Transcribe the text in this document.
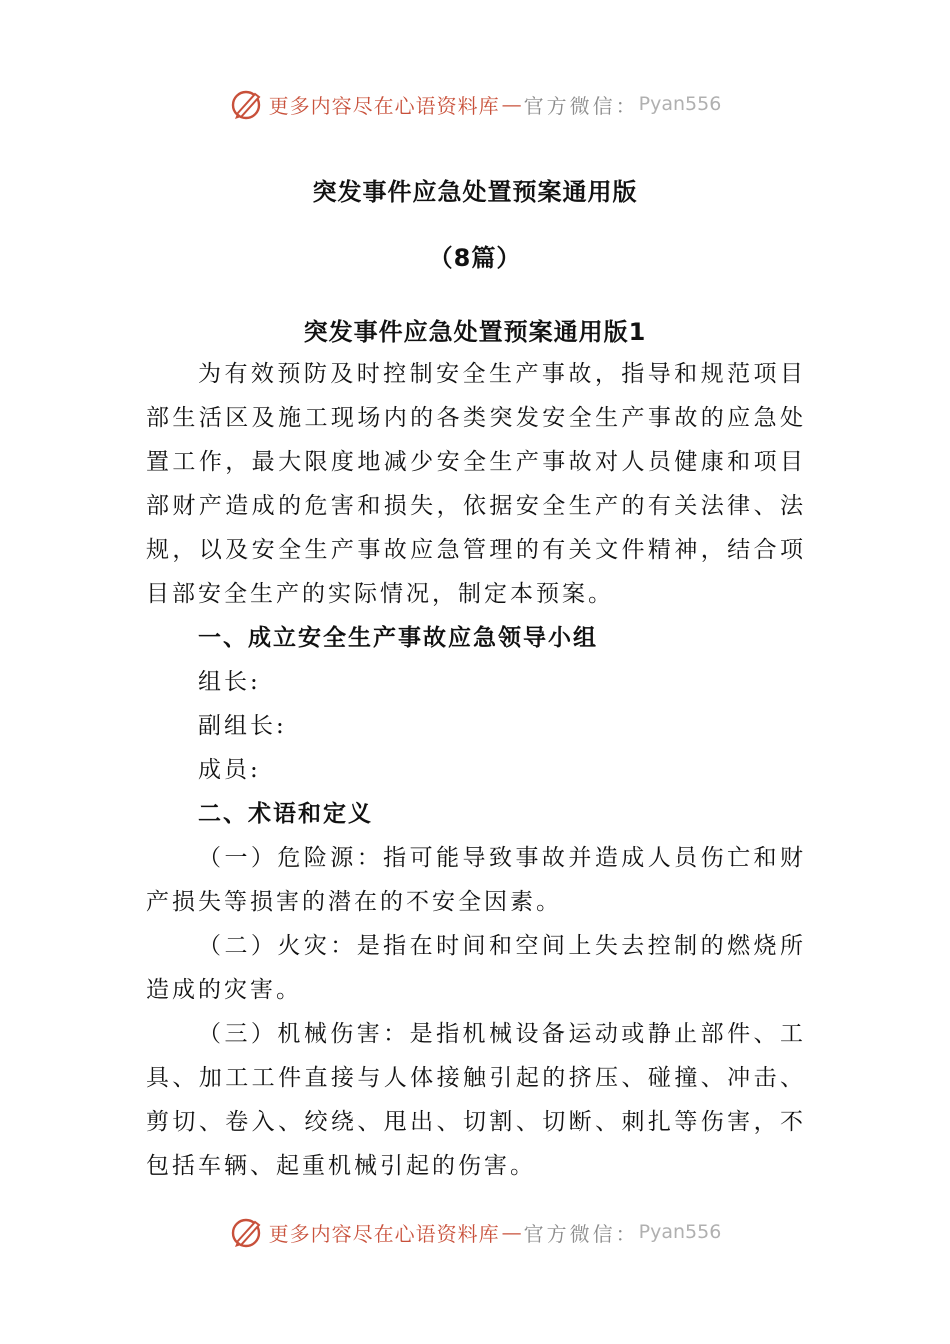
更多内容尽在心语资料库 — 官方微信： Pyan556
突发事件应急处置预案通用版
（8篇）
突发事件应急处置预案通用版1

为有效预防及时控制安全生产事故，指导和规范项目部生活区及施工现场内的各类突发安全生产事故的应急处置工作，最大限度地减少安全生产事故对人员健康和项目部财产造成的危害和损失，依据安全生产的有关法律、法规，以及安全生产事故应急管理的有关文件精神，结合项目部安全生产的实际情况，制定本预案。

一、成立安全生产事故应急领导小组

组长:

副组长:

成员:

二、术语和定义

（一）危险源：指可能导致事故并造成人员伤亡和财产损失等损害的潜在的不安全因素。

（二）火灾：是指在时间和空间上失去控制的燃烧所造成的灾害。

（三）机械伤害：是指机械设备运动或静止部件、工具、加工工件直接与人体接触引起的挤压、碰撞、冲击、剪切、卷入、绞绕、甩出、切割、切断、刺扎等伤害，不包括车辆、起重机械引起的伤害。

更多内容尽在心语资料库 — 官方微信： Pyan556
